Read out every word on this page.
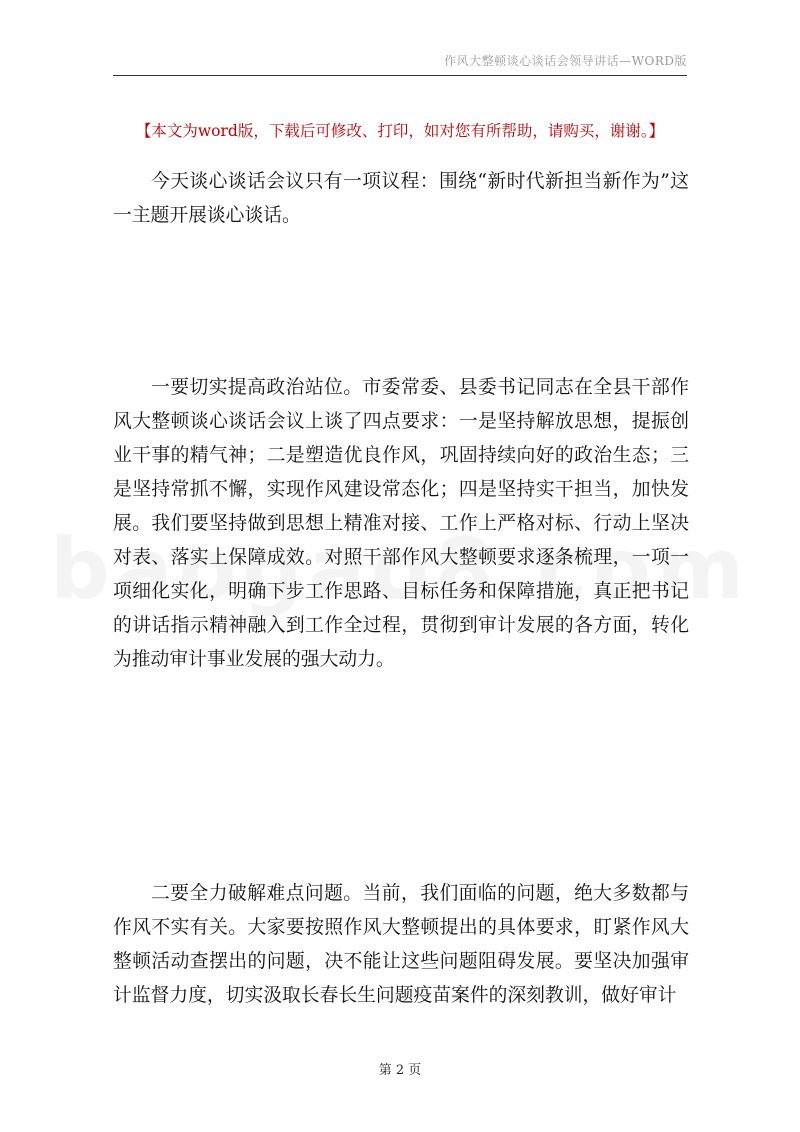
作风大整顿谈心谈话会领导讲话—WORD版
【本文为word版，下载后可修改、打印，如对您有所帮助，请购买，谢谢。】

今天谈心谈话会议只有一项议程：围绕“新时代新担当新作为”这一主题开展谈心谈话。

一要切实提高政治站位。市委常委、县委书记同志在全县干部作风大整顿谈心谈话会议上谈了四点要求：一是坚持解放思想，提振创业干事的精气神；二是塑造优良作风，巩固持续向好的政治生态；三是坚持常抓不懈，实现作风建设常态化；四是坚持实干担当，加快发展。我们要坚持做到思想上精准对接、工作上严格对标、行动上坚决对表、落实上保障成效。对照干部作风大整顿要求逐条梳理，一项一项细化实化，明确下步工作思路、目标任务和保障措施，真正把书记的讲话指示精神融入到工作全过程，贯彻到审计发展的各方面，转化为推动审计事业发展的强大动力。

二要全力破解难点问题。当前，我们面临的问题，绝大多数都与作风不实有关。大家要按照作风大整顿提出的具体要求，盯紧作风大整顿活动查摆出的问题，决不能让这些问题阻碍发展。要坚决加强审计监督力度，切实汲取长春长生问题疫苗案件的深刻教训，做好审计

第 2 页
